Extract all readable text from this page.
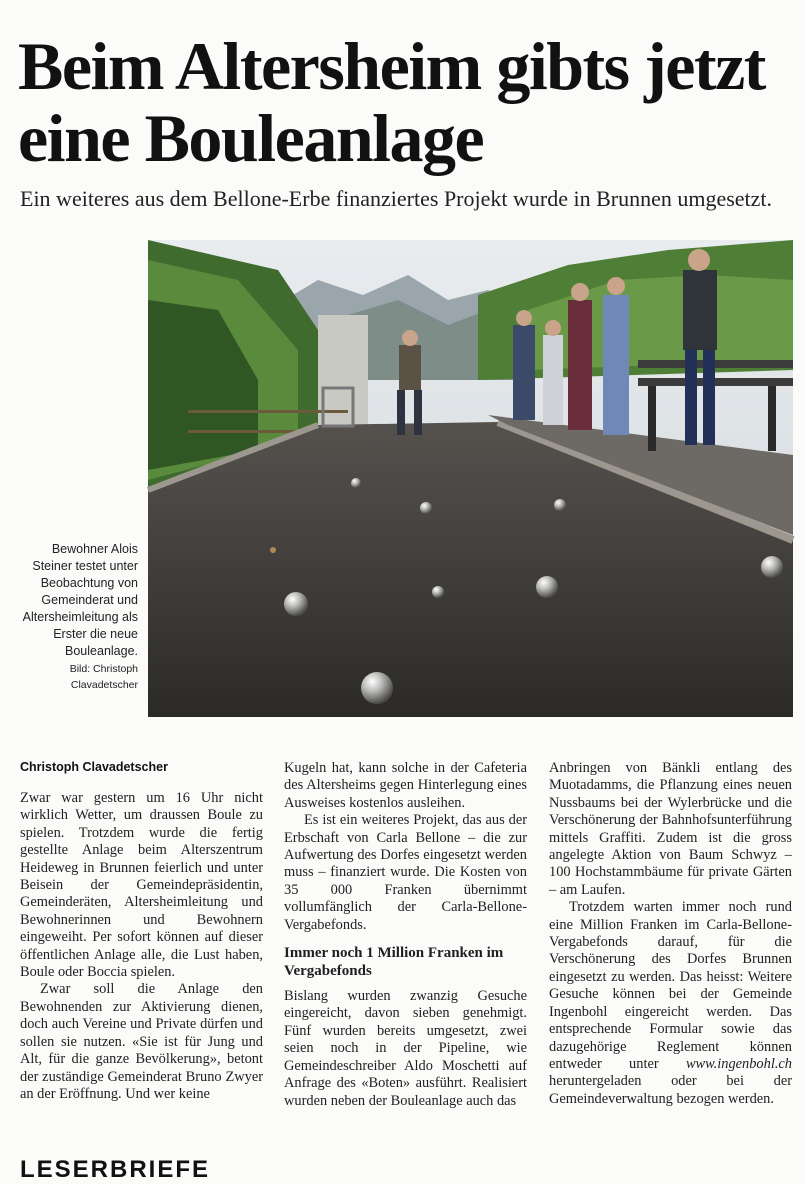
Beim Altersheim gibts jetzt eine Bouleanlage

Ein weiteres aus dem Bellone-Erbe finanziertes Projekt wurde in Brunnen umgesetzt.

Bewohner Alois Steiner testet unter Beobachtung von Gemeinderat und Altersheimleitung als Erster die neue Bouleanlage.
Bild: Christoph Clavadetscher
Christoph Clavadetscher

Zwar war gestern um 16 Uhr nicht wirklich Wetter, um draussen Boule zu spielen. Trotzdem wurde die fertig gestellte Anlage beim Alterszentrum Heideweg in Brunnen feierlich und unter Beisein der Gemeindepräsidentin, Gemeinderäten, Altersheimleitung und Bewohnerinnen und Bewohnern eingeweiht. Per sofort können auf dieser öffentlichen Anlage alle, die Lust haben, Boule oder Boccia spielen.

Zwar soll die Anlage den Bewohnenden zur Aktivierung dienen, doch auch Vereine und Private dürfen und sollen sie nutzen. «Sie ist für Jung und Alt, für die ganze Bevölkerung», betont der zuständige Gemeinderat Bruno Zwyer an der Eröffnung. Und wer keine

Kugeln hat, kann solche in der Cafeteria des Altersheims gegen Hinterlegung eines Ausweises kostenlos ausleihen.

Es ist ein weiteres Projekt, das aus der Erbschaft von Carla Bellone – die zur Aufwertung des Dorfes eingesetzt werden muss – finanziert wurde. Die Kosten von 35 000 Franken übernimmt vollumfänglich der Carla-Bellone-Vergabefonds.

Immer noch 1 Million Franken im Vergabefonds

Bislang wurden zwanzig Gesuche eingereicht, davon sieben genehmigt. Fünf wurden bereits umgesetzt, zwei seien noch in der Pipeline, wie Gemeindeschreiber Aldo Moschetti auf Anfrage des «Boten» ausführt. Realisiert wurden neben der Bouleanlage auch das

Anbringen von Bänkli entlang des Muotadamms, die Pflanzung eines neuen Nussbaums bei der Wylerbrücke und die Verschönerung der Bahnhofsunterführung mittels Graffiti. Zudem ist die gross angelegte Aktion von Baum Schwyz – 100 Hochstammbäume für private Gärten – am Laufen.

Trotzdem warten immer noch rund eine Million Franken im Carla-Bellone-Vergabefonds darauf, für die Verschönerung des Dorfes Brunnen eingesetzt zu werden. Das heisst: Weitere Gesuche können bei der Gemeinde Ingenbohl eingereicht werden. Das entsprechende Formular sowie das dazugehörige Reglement können entweder unter www.ingenbohl.ch heruntergeladen oder bei der Gemeindeverwaltung bezogen werden.

LESERBRIEFE
